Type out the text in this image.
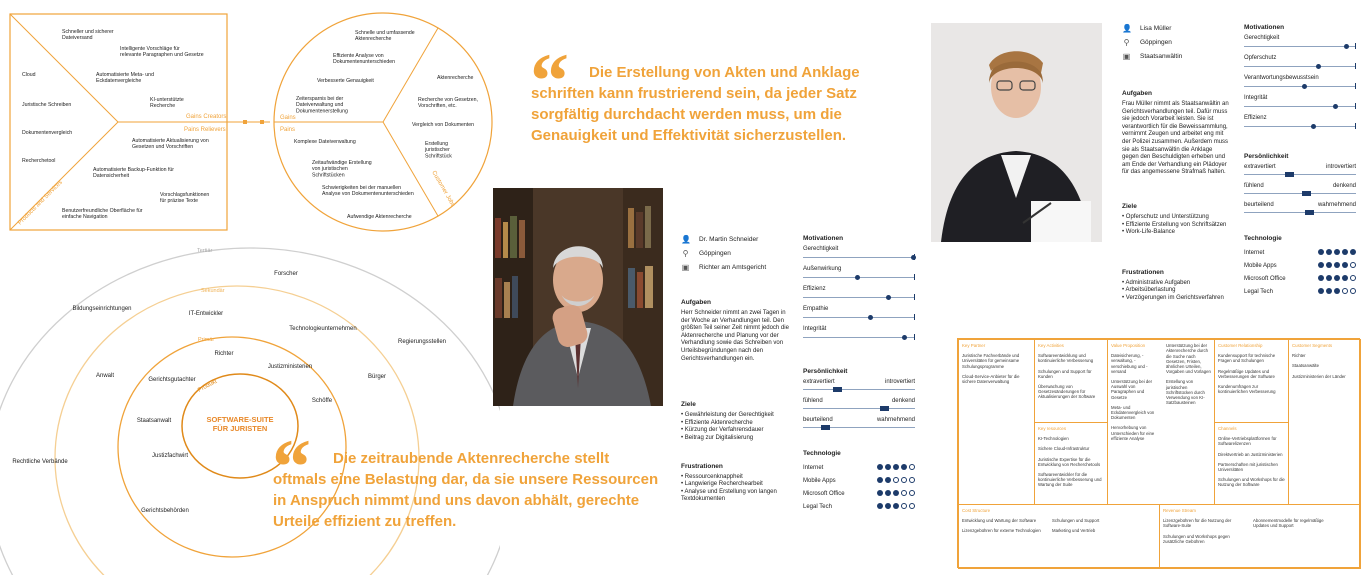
Products and Services
Gains Creators
Pains Relievers
Gains
Pains
Customer Jobs
Cloud
Juristische Schreiben
Dokumentenvergleich
Recherchetool
Benutzerfreundliche Oberfläche für einfache Navigation
Schneller und sicherer Dateiversand
Intelligente Vorschläge für relevante Paragraphen und Gesetze
Automatisierte Meta- und Eckdatenvergleiche
KI-unterstützte Recherche
Automatisierte Aktualisierung von Gesetzen und Vorschriften
Automatisierte Backup-Funktion für Datensicherheit
Vorschlagsfunktionen für präzise Texte
Schnelle und umfassende Aktenrecherche
Effiziente Analyse von Dokumentenunterschieden
Verbesserte Genauigkeit
Zeitersparnis bei der Dateiverwaltung und Dokumentenerstellung
Aktenrecherche
Recherche von Gesetzen, Vorschriften, etc.
Vergleich von Dokumenten
Erstellung juristischer Schriftstück
Komplexe Dateiverwaltung
Zeitaufwändige Erstellung von juristischen Schriftstücken
Schwierigkeiten bei der manuellen Analyse von Dokumentenunterschieden
Aufwendige Aktenrecherche
Tertiär
Sekundär
Primär
Produkt
SOFTWARE-SUITE FÜR JURISTEN
Forscher
Bildungseinrichtungen
Technologieunternehmen
Regierungsstellen
Rechtliche Verbände
Gerichtsbehörden
IT-Entwickler
Anwalt	Bürger
Schöffe
Richter
Justizministerien
Gerichtsgutachter
Staatsanwalt
Justizfachwirt
“	Die Erstellung von Akten und Anklage schriften kann frustrierend sein, da jeder Satz sorgfältig durchdacht werden muss, um die Genauigkeit und Effektivität sicherzustellen.
“	Die zeitraubende Aktenrecherche stellt oftmals eine Belastung dar, da sie unsere Ressourcen in Anspruch nimmt und uns davon abhält, gerechte Urteile effizient zu treffen.
👤 Dr. Martin Schneider
⚲ Göppingen
▣ Richter am Amtsgericht
Aufgaben
Herr Schneider nimmt an zwei Tagen in der Woche an Verhandlungen teil. Den größten Teil seiner Zeit nimmt jedoch die Aktenrecherche und Planung vor der Verhandlung sowie das Schreiben von Urteilsbegründungen nach den Gerichtsverhandlungen ein.
Ziele
• Gewährleistung der Gerechtigkeit
• Effiziente Aktenrecherche
• Kürzung der Verfahrensdauer
• Beitrag zur Digitalisierung
Frustrationen
• Ressourcenknappheit
• Langwierige Recherchearbeit
• Analyse und Erstellung von langen Textdokumenten
Motivationen
Gerechtigkeit
Außenwirkung
Effizienz
Empathie
Integrität
Persönlichkeit
extravertiert	introvertiert
fühlend	denkend
beurteilend	wahrnehmend
Technologie
Internet
Mobile Apps
Microsoft Office
Legal Tech
👤 Lisa Müller
⚲ Göppingen
▣ Staatsanwältin
Aufgaben
Frau Müller nimmt als Staatsanwältin an Gerichtsverhandlungen teil. Dafür muss sie jedoch Vorarbeit leisten. Sie ist verantwortlich für die Beweissammlung, vernimmt Zeugen und arbeitet eng mit der Polizei zusammen. Außerdem muss sie als Staatsanwältin die Anklage gegen den Beschuldigten erheben und am Ende der Verhandlung ein Plädoyer für das angemessene Strafmaß halten.
Ziele
• Opferschutz und Unterstützung
• Effiziente Erstellung von Schriftsätzen
• Work-Life-Balance
Frustrationen
• Administrative Aufgaben
• Arbeitsüberlastung
• Verzögerungen im Gerichtsverfahren
Motivationen
Gerechtigkeit
Opferschutz
Verantwortungsbewusstsein
Integrität
Effizienz
Persönlichkeit
extravertiert	introvertiert
fühlend	denkend
beurteilend	wahrnehmend
Technologie
Internet
Mobile Apps
Microsoft Office
Legal Tech
Key Partner

Juristische Fachverbände und Universitäten für gemeinsame Schulungsprogramme

Cloud-Service-Anbieter für die sichere Datenverwaltung

Key Activities

Softwareentwicklung und kontinuierliche Verbesserung

Schulungen und Support für Kunden

Überwachung von Gesetzesänderungen für Aktualisierungen der Software

Key resources

KI-Technologien

Sichere Cloud-Infrastruktur

Juristische Expertise für die Entwicklung von Recherchetools

Softwareentwickler für die kontinuierliche Verbesserung und Wartung der Suite

Value Proposition

Dateisicherung, -verwaltung, -verschiebung und -versand

Unterstützung bei der Auswahl von Paragraphen und Gesetze

Meta- und Eckdatenvergleich von Dokumenten

Hervorhebung von Unterschieden für eine effiziente Analyse

Unterstützung bei der Aktenrecherche durch die Suche nach Gesetzen, Fristen, ähnlichen Urteilen, Vorgaben und Vorlagen

Erstellung von juristischen Schriftstücken durch Verwendung von KI-Satzbausteinen

Customer Relationship

Kundensupport für technische Fragen und Schulungen

Regelmäßige Updates und Verbesserungen der Software

Kundenumfragen zur kontinuierlichen Verbesserung

Channels

Online-Vertriebsplattformen für Softwarelizenzen

Direktvertrieb an Justizministerien

Partnerschaften mit juristischen Universitäten

Schulungen und Workshops für die Nutzung der Software

Customer Segments

Richter

Staatsanwälte

Justizministerien der Länder

Cost Structure

Entwicklung und Wartung der Software

Lizenzgebühren für externe Technologien

Schulungen und Support

Marketing und Vertrieb

Revenue Stream

Lizenzgebühren für die Nutzung der Software-Suite

Schulungen und Workshops gegen zusätzliche Gebühren

Abonnementmodelle für regelmäßige Updates und Support
